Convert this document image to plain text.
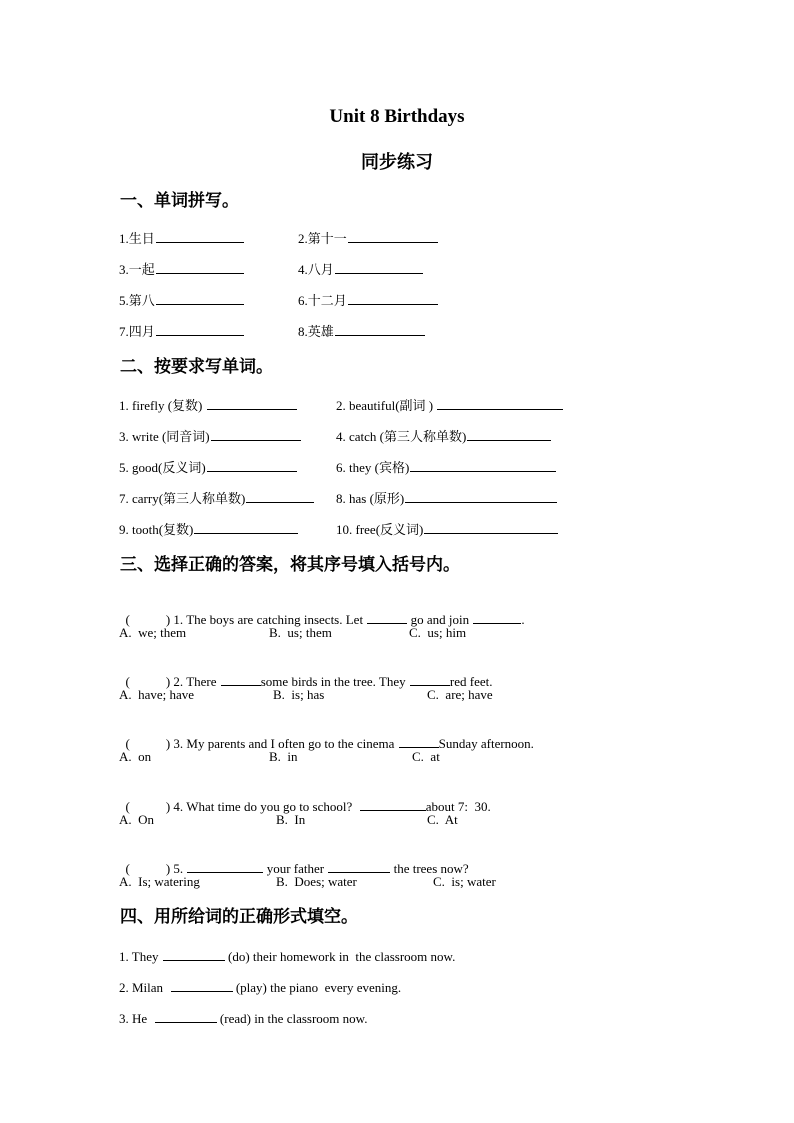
Unit 8 Birthdays
同步练习
一、单词拼写。
1.生日	2.第十一
3.一起	4.八月
5.第八	6.十二月
7.四月	8.英雄
二、按要求写单词。
1. firefly (复数)	2. beautiful(副词 )
3. write (同音词)	4. catch (第三人称单数)
5. good(反义词)	6. they (宾格)
7. carry(第三人称单数)	8. has (原形)
9. tooth(复数)	10. free(反义词)
三、选择正确的答案，将其序号填入括号内。

(	) 1. The boys are catching insects. Let	go and join	.

A.  we; them	B.  us; them	C.  us; him

(	) 2. There	some birds in the tree. They	red feet.

A.  have; have	B.  is; has	C.  are; have

(	) 3. My parents and I often go to the cinema	Sunday afternoon.

A.  on	B.  in	C.  at

(	) 4. What time do you go to school?	about 7:  30.

A.  On	B.  In	C.  At

(	) 5.	your father	the trees now?

A.  Is; watering	B.  Does; water	C.  is; water
四、用所给词的正确形式填空。
1. They	(do) their homework in  the classroom now.
2. Milan	(play) the piano  every evening.
3. He	(read) in the classroom now.
